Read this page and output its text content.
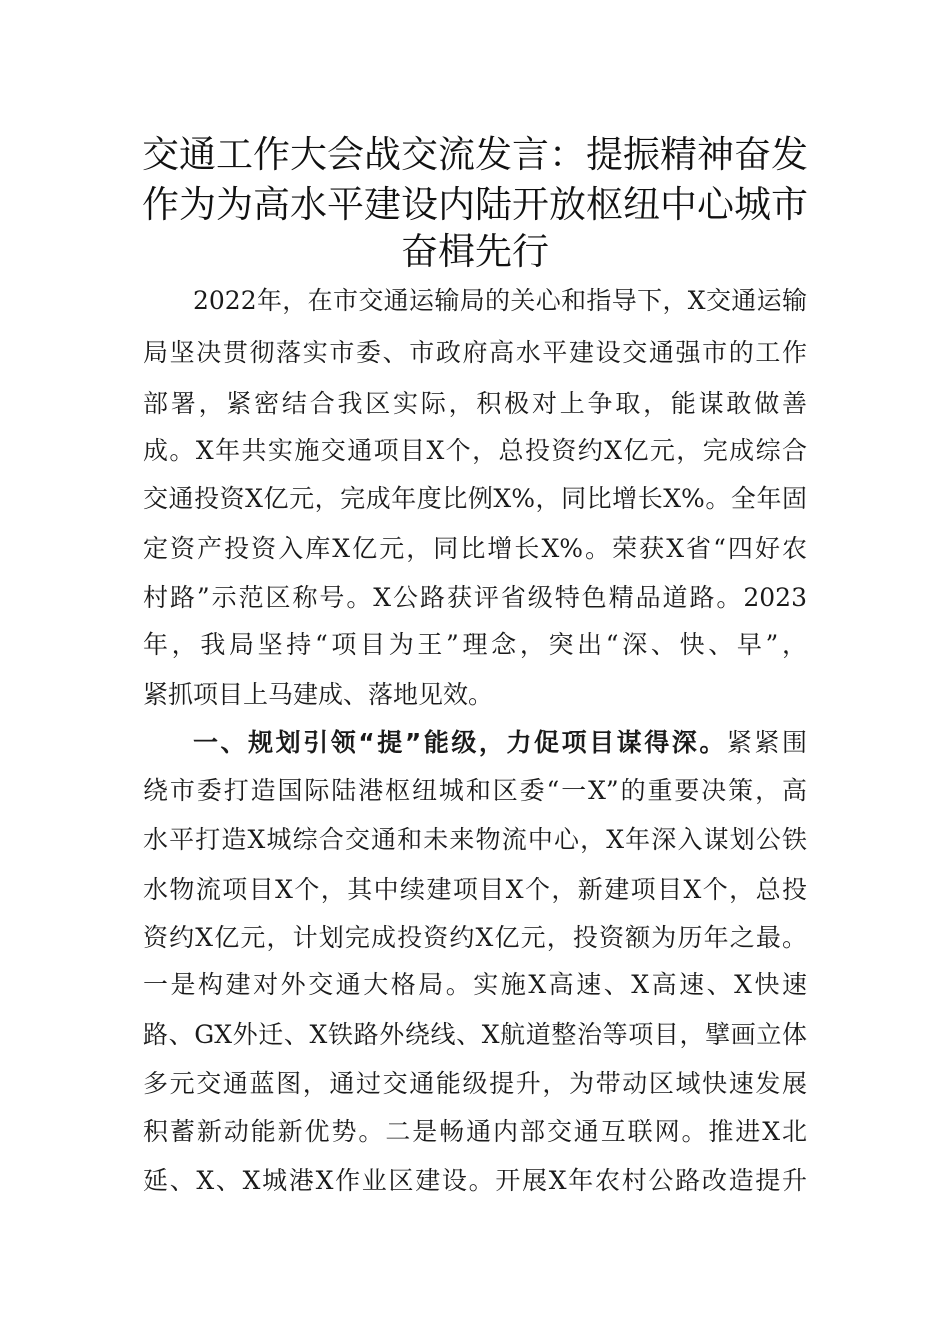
交通工作大会战交流发言：提振精神奋发
作为为高水平建设内陆开放枢纽中心城市
奋楫先行
2022年，在市交通运输局的关心和指导下，X交通运输
局坚决贯彻落实市委、市政府高水平建设交通强市的工作
部署，紧密结合我区实际，积极对上争取，能谋敢做善
成。X年共实施交通项目X个，总投资约X亿元，完成综合
交通投资X亿元，完成年度比例X%，同比增长X%。全年固
定资产投资入库X亿元，同比增长X%。荣获X省“四好农
村路”示范区称号。X公路获评省级特色精品道路。2023
年，我局坚持“项目为王”理念，突出“深、快、早”，
紧抓项目上马建成、落地见效。
一、规划引领“提”能级，力促项目谋得深。紧紧围
绕市委打造国际陆港枢纽城和区委“一X”的重要决策，高
水平打造X城综合交通和未来物流中心，X年深入谋划公铁
水物流项目X个，其中续建项目X个，新建项目X个，总投
资约X亿元，计划完成投资约X亿元，投资额为历年之最。
一是构建对外交通大格局。实施X高速、X高速、X快速
路、GX外迁、X铁路外绕线、X航道整治等项目，擘画立体
多元交通蓝图，通过交通能级提升，为带动区域快速发展
积蓄新动能新优势。二是畅通内部交通互联网。推进X北
延、X、X城港X作业区建设。开展X年农村公路改造提升
